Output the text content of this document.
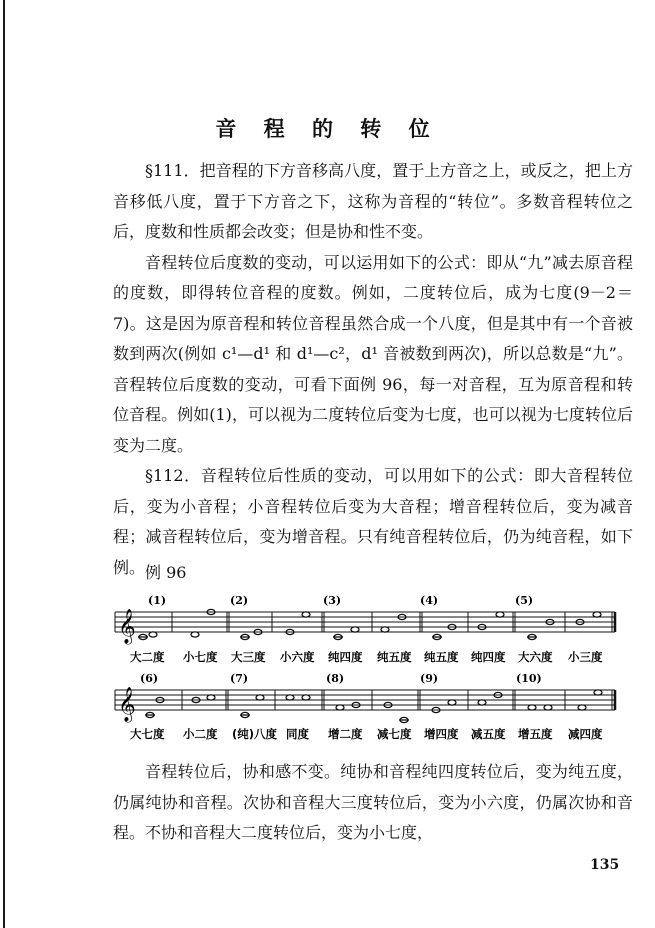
音 程 的 转 位

§111．把音程的下方音移高八度，置于上方音之上，或反之，把上方音移低八度，置于下方音之下，这称为音程的“转位”。多数音程转位之后，度数和性质都会改变；但是协和性不变。

音程转位后度数的变动，可以运用如下的公式：即从“九”减去原音程的度数，即得转位音程的度数。例如，二度转位后，成为七度(9－2＝7)。这是因为原音程和转位音程虽然合成一个八度，但是其中有一个音被数到两次(例如 c¹—d¹ 和 d¹—c²，d¹ 音被数到两次)，所以总数是“九”。音程转位后度数的变动，可看下面例 96，每一对音程，互为原音程和转位音程。例如(1)，可以视为二度转位后变为七度，也可以视为七度转位后变为二度。

§112．音程转位后性质的变动，可以用如下的公式：即大音程转位后，变为小音程；小音程转位后变为大音程；增音程转位后，变为减音程；减音程转位后，变为增音程。只有纯音程转位后，仍为纯音程，如下例。 例 96
𝄞
(1)	(2)	(3)	(4)	(5)
大二度 小七度 大三度 小六度 纯四度 纯五度 纯五度 纯四度 大六度 小三度
𝄞
(6)	(7)	(8)	(9)	(10)
大七度 小二度 (纯)八度 同度 增二度 减七度 增四度 减五度 增五度 减四度

音程转位后，协和感不变。纯协和音程纯四度转位后，变为纯五度，仍属纯协和音程。次协和音程大三度转位后，变为小六度，仍属次协和音程。不协和音程大二度转位后，变为小七度，

135
